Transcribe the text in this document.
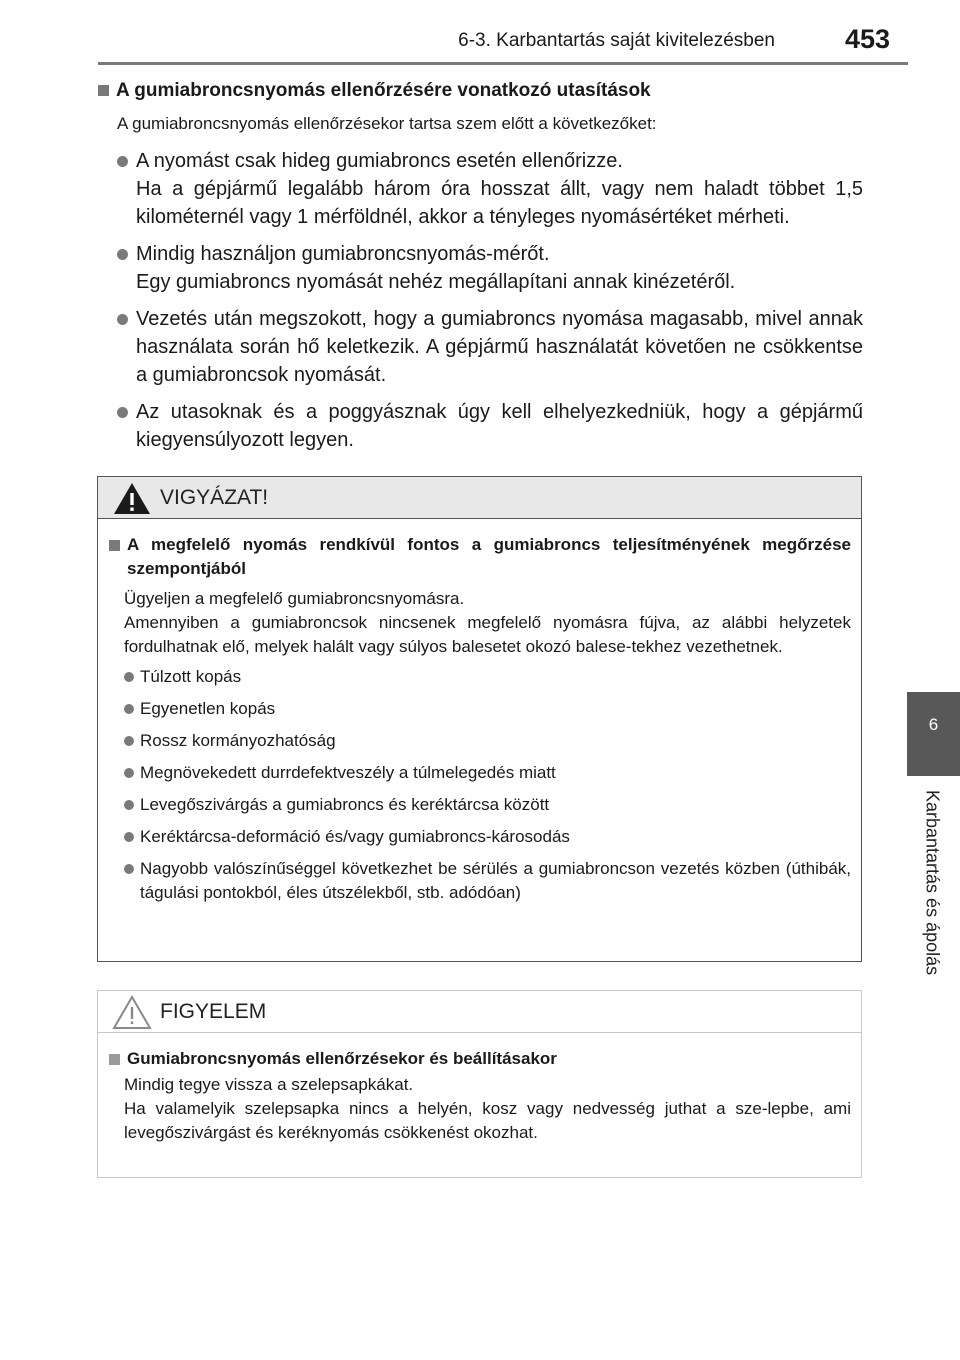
6-3. Karbantartás saját kivitelezésben	453
6
Karbantartás és ápolás
A gumiabroncsnyomás ellenőrzésére vonatkozó utasítások
A gumiabroncsnyomás ellenőrzésekor tartsa szem előtt a következőket:
A nyomást csak hideg gumiabroncs esetén ellenőrizze.
Ha a gépjármű legalább három óra hosszat állt, vagy nem haladt többet 1,5 kilométernél vagy 1 mérföldnél, akkor a tényleges nyomásértéket mérheti.
Mindig használjon gumiabroncsnyomás-mérőt.
Egy gumiabroncs nyomását nehéz megállapítani annak kinézetéről.
Vezetés után megszokott, hogy a gumiabroncs nyomása magasabb, mivel annak használata során hő keletkezik. A gépjármű használatát követően ne csökkentse a gumiabroncsok nyomását.
Az utasoknak és a poggyásznak úgy kell elhelyezkedniük, hogy a gépjármű kiegyensúlyozott legyen.
VIGYÁZAT!
A megfelelő nyomás rendkívül fontos a gumiabroncs teljesítményének megőrzése szempontjából
Ügyeljen a megfelelő gumiabroncsnyomásra.
Amennyiben a gumiabroncsok nincsenek megfelelő nyomásra fújva, az alábbi helyzetek fordulhatnak elő, melyek halált vagy súlyos balesetet okozó balese-tekhez vezethetnek.
Túlzott kopás
Egyenetlen kopás
Rossz kormányozhatóság
Megnövekedett durrdefektveszély a túlmelegedés miatt
Levegőszivárgás a gumiabroncs és keréktárcsa között
Keréktárcsa-deformáció és/vagy gumiabroncs-károsodás
Nagyobb valószínűséggel következhet be sérülés a gumiabroncson vezetés közben (úthibák, tágulási pontokból, éles útszélekből, stb. adódóan)
FIGYELEM
Gumiabroncsnyomás ellenőrzésekor és beállításakor
Mindig tegye vissza a szelepsapkákat.
Ha valamelyik szelepsapka nincs a helyén, kosz vagy nedvesség juthat a sze-lepbe, ami levegőszivárgást és keréknyomás csökkenést okozhat.
